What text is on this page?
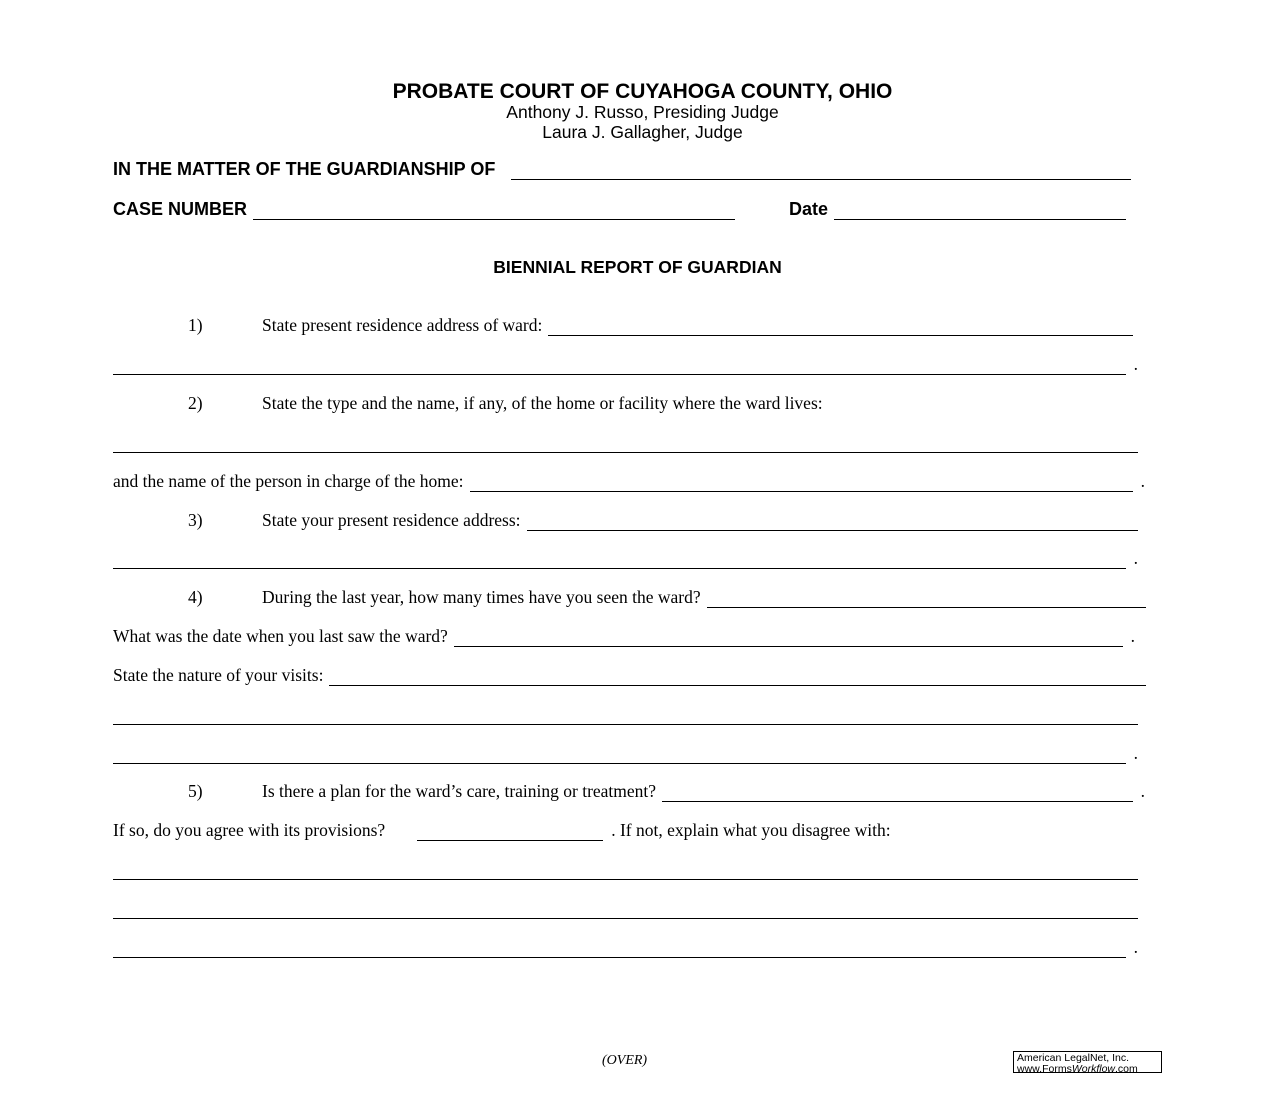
PROBATE COURT OF CUYAHOGA COUNTY, OHIO
Anthony J. Russo, Presiding Judge
Laura J. Gallagher, Judge
IN THE MATTER OF THE GUARDIANSHIP OF
CASE NUMBER	Date
BIENNIAL REPORT OF GUARDIAN
1)	State present residence address of ward:
.
2)	State the type and the name, if any, of the home or facility where the ward lives:
and the name of the person in charge of the home:	.
3)	State your present residence address:
.
4)	During the last year, how many times have you seen the ward?
What was the date when you last saw the ward?	.
State the nature of your visits:
.
5)	Is there a plan for the ward’s care, training or treatment?	.
If so, do you agree with its provisions?	. If not, explain what you disagree with:
.
(OVER)	American LegalNet, Inc.
www.FormsWorkflow.com
